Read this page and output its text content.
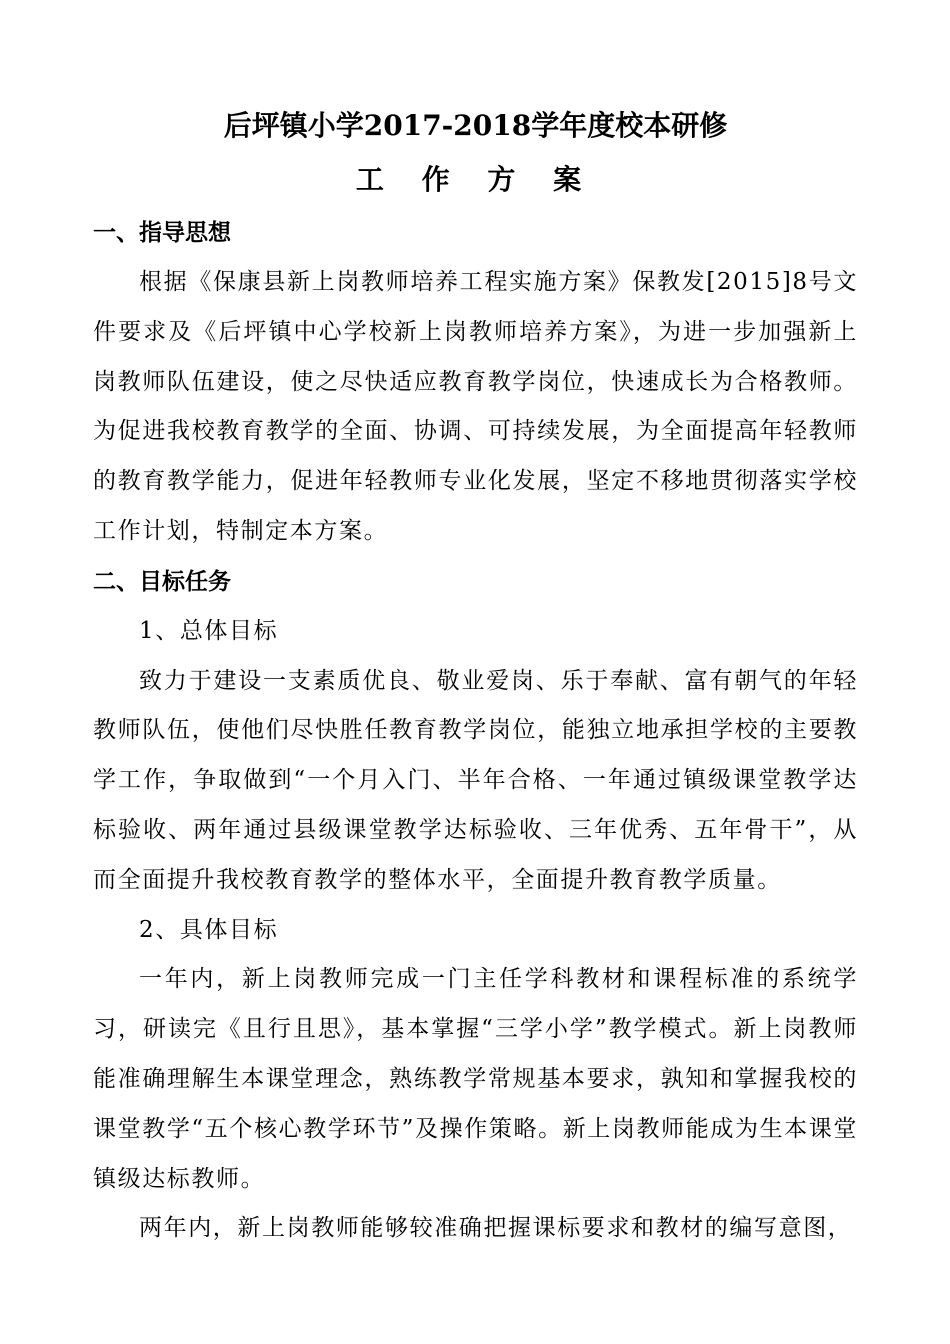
后坪镇小学2017-2018学年度校本研修
工 作 方 案
一、指导思想

根据《保康县新上岗教师培养工程实施方案》保教发[2015]8号文件要求及《后坪镇中心学校新上岗教师培养方案》，为进一步加强新上岗教师队伍建设，使之尽快适应教育教学岗位，快速成长为合格教师。为促进我校教育教学的全面、协调、可持续发展，为全面提高年轻教师的教育教学能力，促进年轻教师专业化发展，坚定不移地贯彻落实学校工作计划，特制定本方案。

二、目标任务

1、总体目标

致力于建设一支素质优良、敬业爱岗、乐于奉献、富有朝气的年轻教师队伍，使他们尽快胜任教育教学岗位，能独立地承担学校的主要教学工作，争取做到“一个月入门、半年合格、一年通过镇级课堂教学达标验收、两年通过县级课堂教学达标验收、三年优秀、五年骨干”，从而全面提升我校教育教学的整体水平，全面提升教育教学质量。

2、具体目标

一年内，新上岗教师完成一门主任学科教材和课程标准的系统学习，研读完《且行且思》，基本掌握“三学小学”教学模式。新上岗教师能准确理解生本课堂理念，熟练教学常规基本要求，孰知和掌握我校的课堂教学“五个核心教学环节”及操作策略。新上岗教师能成为生本课堂镇级达标教师。

两年内，新上岗教师能够较准确把握课标要求和教材的编写意图，
